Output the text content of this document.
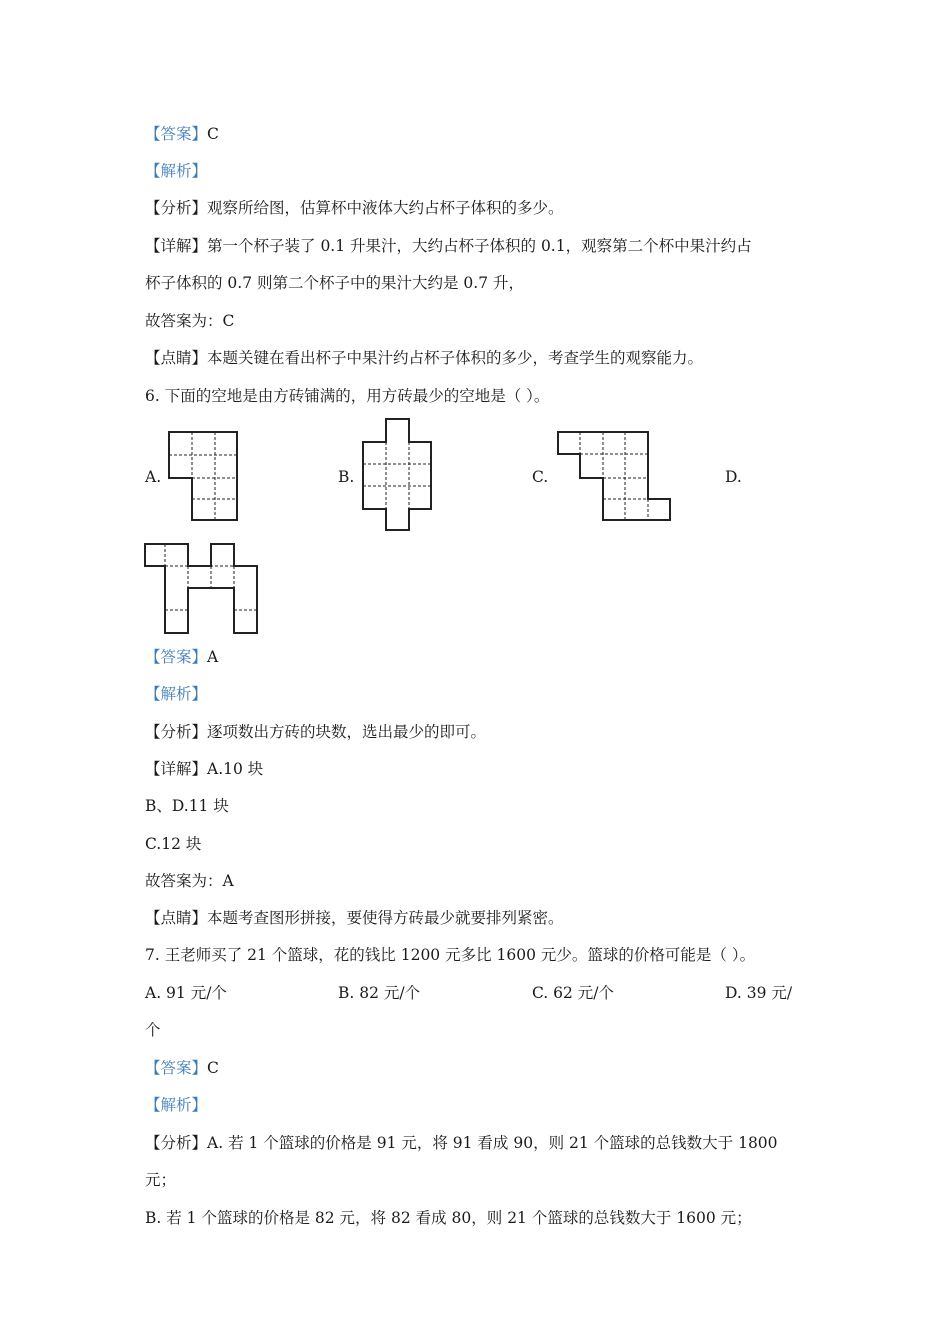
【答案】C
【解析】
【分析】观察所给图，估算杯中液体大约占杯子体积的多少。
【详解】第一个杯子装了 0.1 升果汁，大约占杯子体积的 0.1，观察第二个杯中果汁约占
杯子体积的 0.7 则第二个杯子中的果汁大约是 0.7 升，
故答案为：C
【点睛】本题关键在看出杯子中果汁约占杯子体积的多少，考查学生的观察能力。
6. 下面的空地是由方砖铺满的，用方砖最少的空地是（ ）。
A.	B.	C.	D.
【答案】A
【解析】
【分析】逐项数出方砖的块数，选出最少的即可。
【详解】A.10 块
B、D.11 块
C.12 块
故答案为：A
【点睛】本题考查图形拼接，要使得方砖最少就要排列紧密。
7. 王老师买了 21 个篮球，花的钱比 1200 元多比 1600 元少。篮球的价格可能是（ ）。
A. 91 元/个	B. 82 元/个	C. 62 元/个	D. 39 元/
个
【答案】C
【解析】
【分析】A. 若 1 个篮球的价格是 91 元，将 91 看成 90，则 21 个篮球的总钱数大于 1800
元；
B. 若 1 个篮球的价格是 82 元，将 82 看成 80，则 21 个篮球的总钱数大于 1600 元；
